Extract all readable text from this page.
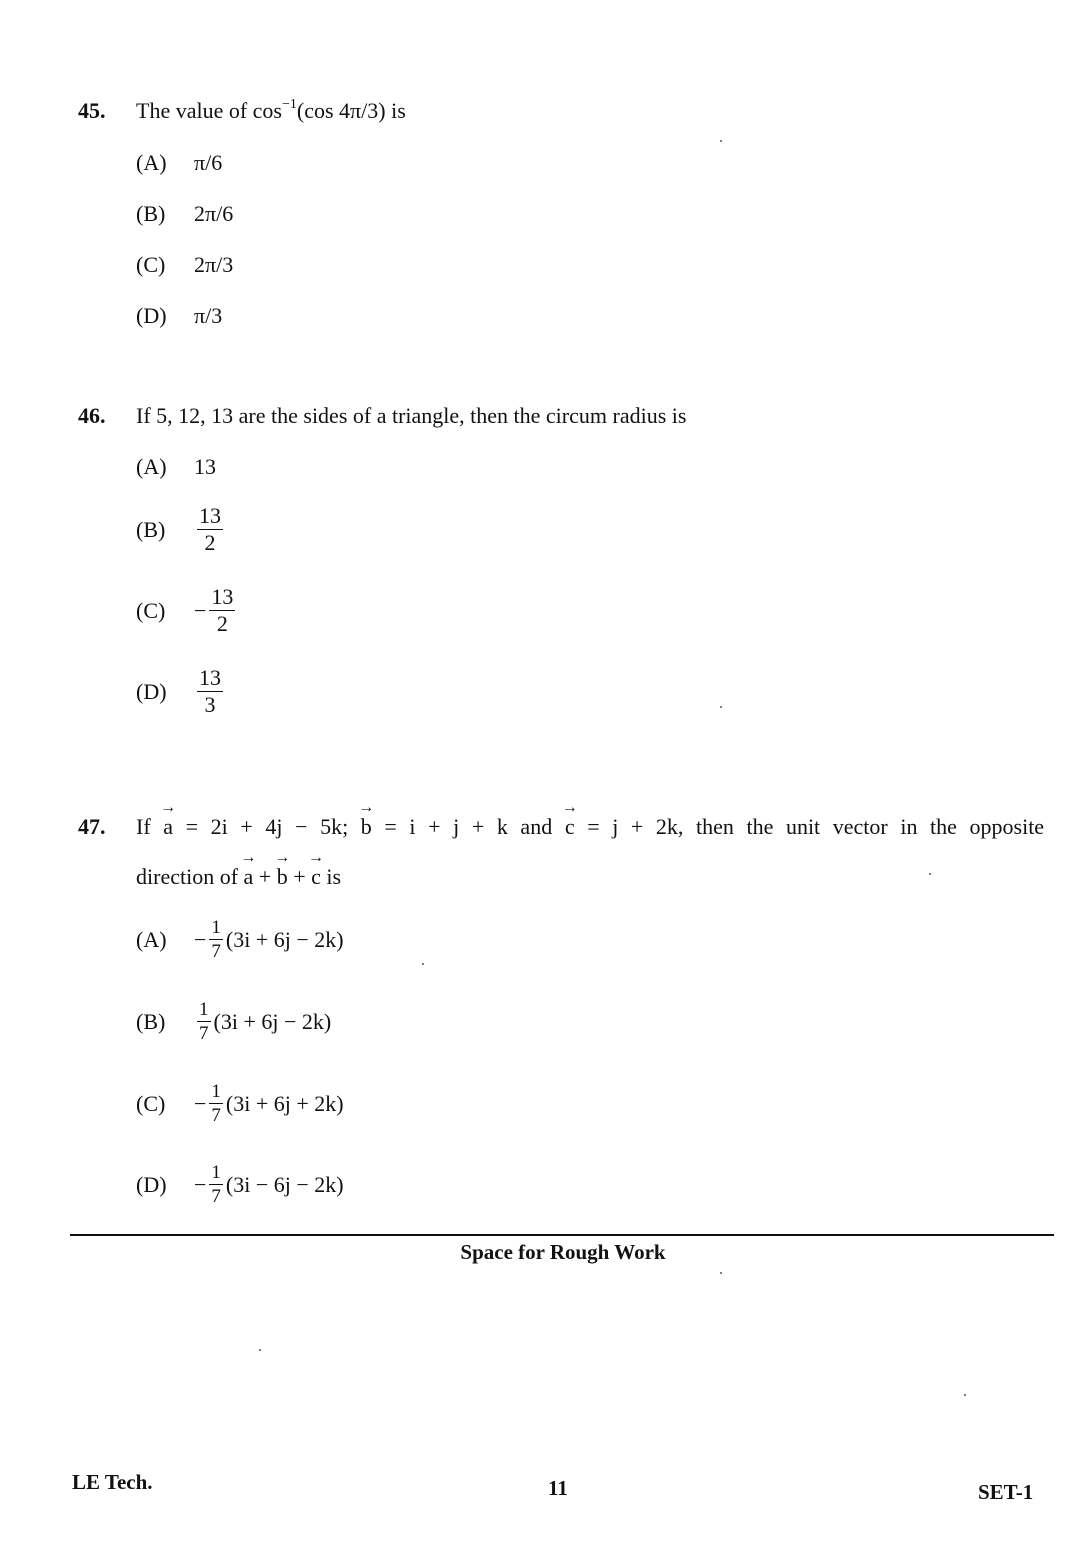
45. The value of $\cos^{-1}(\cos$ 4π/3) is
(A)	π/6
(B)	2π/6
(C)	2π/3
(D)	π/3
46. If 5, 12, 13 are the sides of a triangle, then the circum radius is
(A)	13
(B)	$\frac{13}{2}$
(C)	− $\frac{13}{2}$
(D)	$\frac{13}{3}$
47. If → a = 2i + 4j − 5k; → b = i + j + k and → c = j + 2k, then the unit vector in the opposite
direction of → a + → b + → c is
(A)	− $\frac{1}{7} (3i + 6j - 2k)$
(B)	$\frac{1}{7} (3i + 6j - 2k)$
(C)	− $\frac{1}{7} (3i + 6j + 2k)$
(D)	− $\frac{1}{7} (3i - 6j - 2k)$
Space for Rough Work
LE Tech.	11	SET-1
